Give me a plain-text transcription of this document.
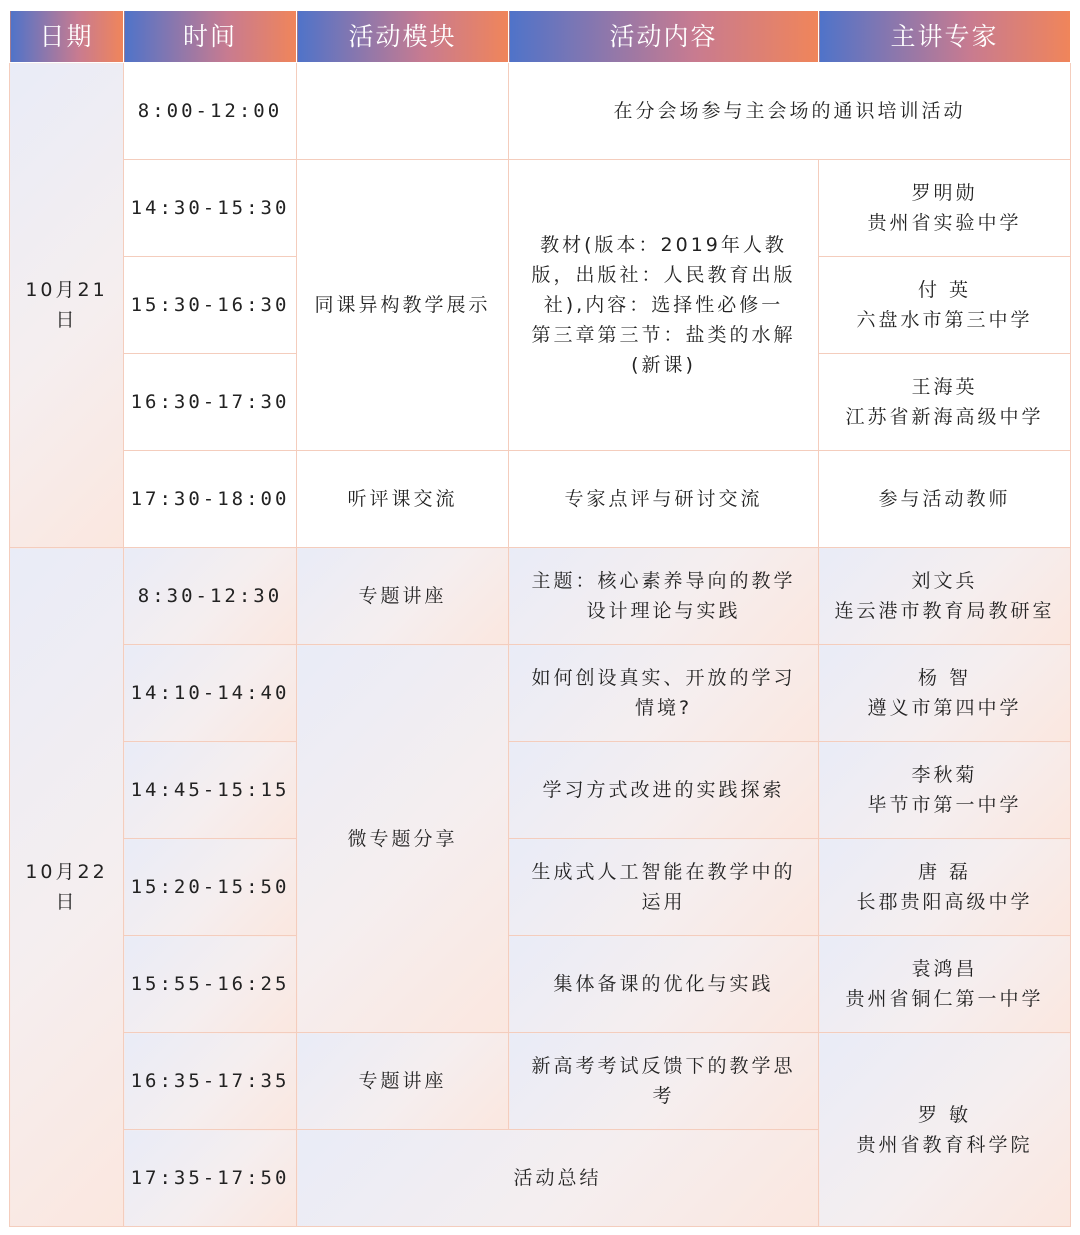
日期	时间	活动模块	活动内容	主讲专家
10月21日	8:00-12:00		在分会场参与主会场的通识培训活动	

	14:30-15:30	同课异构教学展示	教材(版本：2019年人教
版，出版社：人民教育出版
社),内容：选择性必修一
第三章第三节：盐类的水解
(新课)	罗明勋
贵州省实验中学

	15:30-16:30			付 英
六盘水市第三中学

	16:30-17:30			王海英
江苏省新海高级中学

	17:30-18:00	听评课交流	专家点评与研讨交流	参与活动教师

10月22日	8:30-12:30	专题讲座	主题：核心素养导向的教学
设计理论与实践	刘文兵
连云港市教育局教研室

	14:10-14:40	微专题分享	如何创设真实、开放的学习
情境?	杨 智
遵义市第四中学

	14:45-15:15		学习方式改进的实践探索	李秋菊
毕节市第一中学

	15:20-15:50		生成式人工智能在教学中的
运用	唐 磊
长郡贵阳高级中学

	15:55-16:25		集体备课的优化与实践	袁鸿昌
贵州省铜仁第一中学

	16:35-17:35	专题讲座	新高考考试反馈下的教学思
考	罗 敏
贵州省教育科学院

	17:35-17:50	活动总结		
